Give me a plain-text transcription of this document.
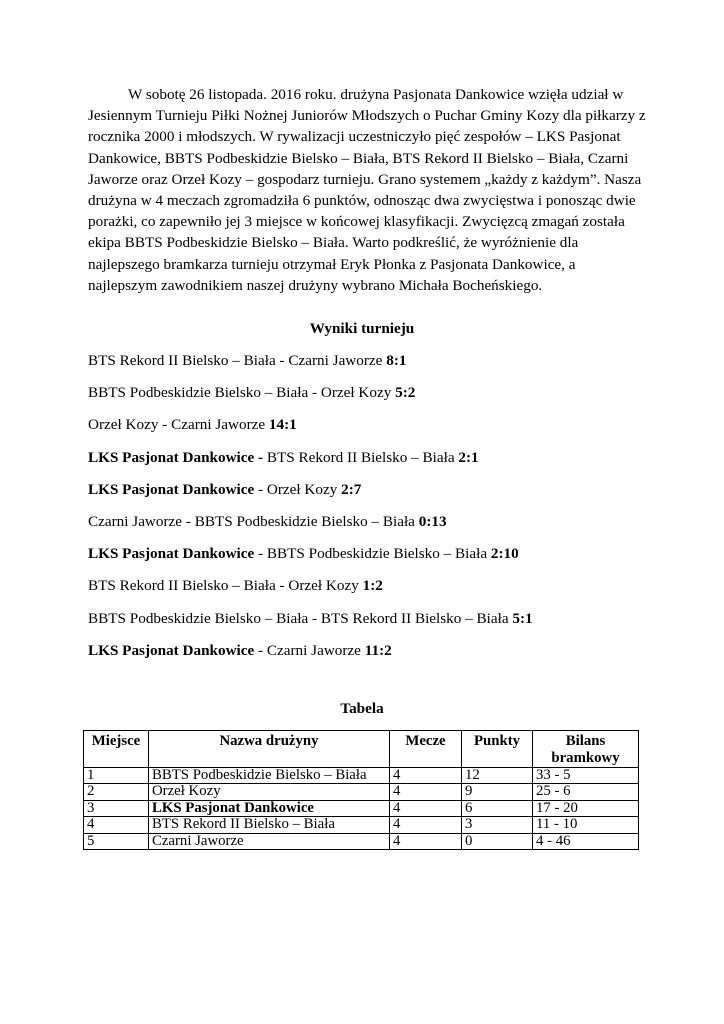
W sobotę 26 listopada. 2016 roku. drużyna Pasjonata Dankowice wzięła udział w Jesiennym Turnieju Piłki Nożnej Juniorów Młodszych o Puchar Gminy Kozy dla piłkarzy z rocznika 2000 i młodszych. W rywalizacji uczestniczyło pięć zespołów – LKS Pasjonat Dankowice, BBTS Podbeskidzie Bielsko – Biała, BTS Rekord II Bielsko – Biała, Czarni Jaworze oraz Orzeł Kozy – gospodarz turnieju. Grano systemem „każdy z każdym”. Nasza drużyna w 4 meczach zgromadziła 6 punktów, odnosząc dwa zwycięstwa i ponosząc dwie porażki, co zapewniło jej 3 miejsce w końcowej klasyfikacji. Zwycięzcą zmagań została ekipa BBTS Podbeskidzie Bielsko – Biała. Warto podkreślić, że wyróżnienie dla najlepszego bramkarza turnieju otrzymał Eryk Płonka z Pasjonata Dankowice, a najlepszym zawodnikiem naszej drużyny wybrano Michała Bocheńskiego.

Wyniki turnieju
BTS Rekord II Bielsko – Biała - Czarni Jaworze 8:1
BBTS Podbeskidzie Bielsko – Biała - Orzeł Kozy 5:2
Orzeł Kozy - Czarni Jaworze 14:1
LKS Pasjonat Dankowice - BTS Rekord II Bielsko – Biała 2:1
LKS Pasjonat Dankowice - Orzeł Kozy 2:7
Czarni Jaworze - BBTS Podbeskidzie Bielsko – Biała 0:13
LKS Pasjonat Dankowice - BBTS Podbeskidzie Bielsko – Biała 2:10
BTS Rekord II Bielsko – Biała - Orzeł Kozy 1:2
BBTS Podbeskidzie Bielsko – Biała - BTS Rekord II Bielsko – Biała 5:1
LKS Pasjonat Dankowice - Czarni Jaworze 11:2
Tabela
Miejsce	Nazwa drużyny	Mecze	Punkty	Bilans bramkowy
1	BBTS Podbeskidzie Bielsko – Biała	4	12	33 - 5
2	Orzeł Kozy	4	9	25 - 6
3	LKS Pasjonat Dankowice	4	6	17 - 20
4	BTS Rekord II Bielsko – Biała	4	3	11 - 10
5	Czarni Jaworze	4	0	4 - 46
